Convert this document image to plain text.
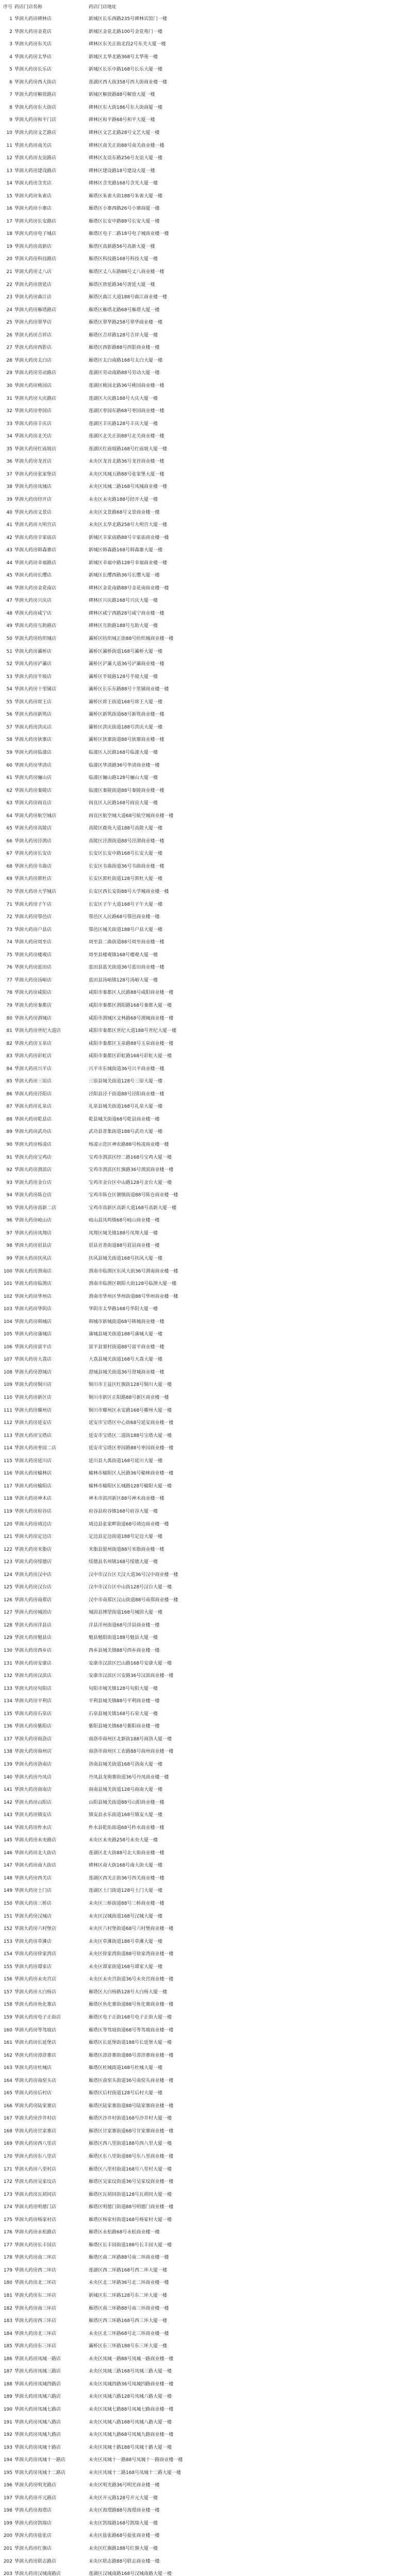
序号 药店门店名称	药店门店地址
1 华润大药房碑林店	新城区长乐西路235号碑林宾馆门一楼
2 华润大药房金花店	新城区金花北路100号金花苑门一楼
3 华润大药房东关店	碑林区东关正街北段2号东关大厦一楼
4 华润大药房太华店	新城区太华北路368号太华苑一楼
5 华润大药房长乐店	新城区长乐中路168号长乐大厦一楼
6 华润大药房西大街店	莲湖区西大街358号西大街商业楼一楼
7 华润大药房解放路店	新城区解放路88号解放大厦一楼
8 华润大药房东大街店	碑林区东大街186号东大街商厦一楼
9 华润大药房和平门店	碑林区和平路68号和平大厦一楼
10 华润大药房文艺路店	碑林区文艺北路28号文艺大厦一楼
11 华润大药房南关店	碑林区南关正街88号南关商业楼一楼
12 华润大药房友谊路店	碑林区友谊东路256号友谊大厦一楼
13 华润大药房建设路店	碑林区建设路18号建设大厦一楼
14 华润大药房含光店	碑林区含光路168号含光大厦一楼
15 华润大药房朱雀店	雁塔区朱雀大街188号朱雀大厦一楼
16 华润大药房小寨店	雁塔区小寨西路26号小寨商厦一楼
17 华润大药房长安路店	雁塔区长安中路88号长安大厦一楼
18 华润大药房电子城店	雁塔区电子二路18号电子城商业楼一楼
19 华润大药房高新店	雁塔区高新路56号高新大厦一楼
20 华润大药房科技路店	雁塔区科技路168号科技大厦一楼
21 华润大药房丈八店	雁塔区丈八东路88号丈八商业楼一楼
22 华润大药房唐延店	雁塔区唐延路36号唐延大厦一楼
23 华润大药房曲江店	雁塔区曲江大道188号曲江商业楼一楼
24 华润大药房雁塔路店	雁塔区雁塔北路68号雁塔大厦一楼
25 华润大药房翠华店	雁塔区翠华路258号翠华商业楼一楼
26 华润大药房吉祥店	雁塔区吉祥路128号吉祥大厦一楼
27 华润大药房西影店	雁塔区西影路88号西影商业楼一楼
28 华润大药房太白店	雁塔区太白南路168号太白大厦一楼
29 华润大药房劳动路店	莲湖区劳动南路88号劳动大厦一楼
30 华润大药房桃园店	莲湖区桃园北路36号桃园商业楼一楼
31 华润大药房大庆路店	莲湖区大庆路188号大庆大厦一楼
32 华润大药房枣园店	莲湖区枣园东路68号枣园商业楼一楼
33 华润大药房丰庆店	莲湖区丰庆路128号丰庆大厦一楼
34 华润大药房北关店	莲湖区北关正街88号北关商业楼一楼
35 华润大药房红庙坡店	莲湖区红庙坡路168号红庙坡大厦一楼
36 华润大药房龙首店	未央区龙首北路36号龙首商业楼一楼
37 华润大药房张家堡店	未央区凤城五路88号张家堡大厦一楼
38 华润大药房凤城店	未央区凤城二路168号凤城商业楼一楼
39 华润大药房经开店	未央区未央路188号经开大厦一楼
40 华润大药房文景店	未央区文景路68号文景商业楼一楼
41 华润大药房大明宫店	未央区太华北路258号大明宫大厦一楼
42 华润大药房辛家庙店	新城区辛家庙路88号辛家庙商业楼一楼
43 华润大药房韩森寨店	新城区韩森路168号韩森寨大厦一楼
44 华润大药房幸福路店	新城区幸福中路128号幸福商业楼一楼
45 华润大药房长缨店	新城区长缨西路36号长缨大厦一楼
46 华润大药房金花南店	碑林区金花南路88号金花南商业楼一楼
47 华润大药房兴庆店	碑林区兴庆路168号兴庆大厦一楼
48 华润大药房咸宁店	碑林区咸宁西路28号咸宁商业楼一楼
49 华润大药房互助路店	碑林区互助路188号互助大厦一楼
50 华润大药房纺织城店	灞桥区纺织城正街88号纺织城商业楼一楼
51 华润大药房灞桥店	灞桥区灞桥街道168号灞桥大厦一楼
52 华润大药房浐灞店	灞桥区浐灞大道36号浐灞商业楼一楼
53 华润大药房半坡店	灞桥区半坡路128号半坡大厦一楼
54 华润大药房十里铺店	灞桥区长乐东路88号十里铺商业楼一楼
55 华润大药房席王店	灞桥区席王街道168号席王大厦一楼
56 华润大药房新筑店	灞桥区新筑街道68号新筑商业楼一楼
57 华润大药房洪庆店	灞桥区洪庆街道188号洪庆大厦一楼
58 华润大药房狄寨店	灞桥区狄寨街道88号狄寨商业楼一楼
59 华润大药房临潼店	临潼区人民路168号临潼大厦一楼
60 华润大药房华清店	临潼区华清路36号华清商业楼一楼
61 华润大药房骊山店	临潼区骊山路128号骊山大厦一楼
62 华润大药房秦陵店	临潼区秦陵街道88号秦陵商业楼一楼
63 华润大药房阎良店	阎良区人民路168号阎良大厦一楼
64 华润大药房航空城店	阎良区航空城大道68号航空城商业楼一楼
65 华润大药房高陵店	高陵区鹿苑大道188号高陵大厦一楼
66 华润大药房泾渭店	高陵区泾渭街道88号泾渭商业楼一楼
67 华润大药房长安店	长安区长安中路168号长安大厦一楼
68 华润大药房韦曲店	长安区韦曲街道36号韦曲商业楼一楼
69 华润大药房郭杜店	长安区郭杜街道128号郭杜大厦一楼
70 华润大药房大学城店	长安区西长安街88号大学城商业楼一楼
71 华润大药房子午店	长安区子午大道168号子午大厦一楼
72 华润大药房鄠邑店	鄠邑区人民路68号鄠邑商业楼一楼
73 华润大药房户县店	鄠邑区城关街道188号户县大厦一楼
74 华润大药房周至店	周至县二曲街道88号周至商业楼一楼
75 华润大药房楼观店	周至县楼观镇168号楼观大厦一楼
76 华润大药房蓝田店	蓝田县蓝关街道36号蓝田商业楼一楼
77 华润大药房汤峪店	蓝田县汤峪镇128号汤峪大厦一楼
78 华润大药房咸阳店	咸阳市秦都区人民路88号咸阳商业楼一楼
79 华润大药房秦都店	咸阳市秦都区渭阳路168号秦都大厦一楼
80 华润大药房渭城店	咸阳市渭城区文林路68号渭城商业楼一楼
81 华润大药房世纪大道店	咸阳市秦都区世纪大道188号世纪大厦一楼
82 华润大药房玉泉店	咸阳市秦都区玉泉路88号玉泉商业楼一楼
83 华润大药房彩虹店	咸阳市秦都区彩虹路168号彩虹大厦一楼
84 华润大药房兴平店	兴平市东城街道36号兴平商业楼一楼
85 华润大药房三原店	三原县城关街道128号三原大厦一楼
86 华润大药房泾阳店	泾阳县泾干街道88号泾阳商业楼一楼
87 华润大药房礼泉店	礼泉县城关街道168号礼泉大厦一楼
88 华润大药房乾县店	乾县城关街道68号乾县商业楼一楼
89 华润大药房武功店	武功县普集街道188号武功大厦一楼
90 华润大药房杨凌店	杨凌示范区神农路88号杨凌商业楼一楼
91 华润大药房宝鸡店	宝鸡市渭滨区经二路168号宝鸡大厦一楼
92 华润大药房渭滨店	宝鸡市渭滨区红旗路36号渭滨商业楼一楼
93 华润大药房金台店	宝鸡市金台区中山路128号金台大厦一楼
94 华润大药房陈仓店	宝鸡市陈仓区虢镇街道88号陈仓商业楼一楼
95 华润大药房高新二店	宝鸡市高新区高新大道168号高新大厦一楼
96 华润大药房岐山店	岐山县凤鸣镇68号岐山商业楼一楼
97 华润大药房凤翔店	凤翔区城关镇188号凤翔大厦一楼
98 华润大药房眉县店	眉县首善街道88号眉县商业楼一楼
99 华润大药房扶风店	扶风县城关街道168号扶风大厦一楼
100 华润大药房渭南店	渭南市临渭区东风大街36号渭南商业楼一楼
101 华润大药房临渭店	渭南市临渭区朝阳大街128号临渭大厦一楼
102 华润大药房华州店	渭南市华州区华州街道88号华州商业楼一楼
103 华润大药房华阴店	华阴市太华路168号华阴大厦一楼
104 华润大药房韩城店	韩城市新城街道68号韩城商业楼一楼
105 华润大药房蒲城店	蒲城县城关街道188号蒲城大厦一楼
106 华润大药房富平店	富平县窦村街道88号富平商业楼一楼
107 华润大药房大荔店	大荔县城关街道168号大荔大厦一楼
108 华润大药房澄城店	澄城县城关街道36号澄城商业楼一楼
109 华润大药房铜川店	铜川市王益区红旗街128号铜川大厦一楼
110 华润大药房新区店	铜川市新区正阳路88号新区商业楼一楼
111 华润大药房耀州店	铜川市耀州区永安路168号耀州大厦一楼
112 华润大药房延安店	延安市宝塔区中心街68号延安商业楼一楼
113 华润大药房宝塔店	延安市宝塔区二道街188号宝塔大厦一楼
114 华润大药房枣园二店	延安市宝塔区枣园路88号枣园商业楼一楼
115 华润大药房延川店	延川县大禹街道168号延川大厦一楼
116 华润大药房榆林店	榆林市榆阳区人民路36号榆林商业楼一楼
117 华润大药房榆阳店	榆林市榆阳区长城路128号榆阳大厦一楼
118 华润大药房神木店	神木市滨河新区88号神木商业楼一楼
119 华润大药房府谷店	府谷县府谷镇168号府谷大厦一楼
120 华润大药房靖边店	靖边县张家畔街道68号靖边商业楼一楼
121 华润大药房定边店	定边县定边街道188号定边大厦一楼
122 华润大药房米脂店	米脂县银州街道88号米脂商业楼一楼
123 华润大药房绥德店	绥德县名州镇168号绥德大厦一楼
124 华润大药房汉中店	汉中市汉台区天汉大道36号汉中商业楼一楼
125 华润大药房汉台店	汉中市汉台区中山街128号汉台大厦一楼
126 华润大药房南郑店	汉中市南郑区汉山街道88号南郑商业楼一楼
127 华润大药房城固店	城固县博望街道168号城固大厦一楼
128 华润大药房洋县店	洋县洋州街道68号洋县商业楼一楼
129 华润大药房勉县店	勉县勉阳街道188号勉县大厦一楼
130 华润大药房西乡店	西乡县城关镇88号西乡商业楼一楼
131 华润大药房安康店	安康市汉滨区巴山路168号安康大厦一楼
132 华润大药房汉滨店	安康市汉滨区兴安路36号汉滨商业楼一楼
133 华润大药房旬阳店	旬阳市城关镇128号旬阳大厦一楼
134 华润大药房平利店	平利县城关镇88号平利商业楼一楼
135 华润大药房石泉店	石泉县城关镇168号石泉大厦一楼
136 华润大药房紫阳店	紫阳县城关镇68号紫阳商业楼一楼
137 华润大药房商洛店	商洛市商州区北新街188号商洛大厦一楼
138 华润大药房商州店	商洛市商州区工农路88号商州商业楼一楼
139 华润大药房洛南店	洛南县城关街道168号洛南大厦一楼
140 华润大药房丹凤店	丹凤县龙驹寨街道36号丹凤商业楼一楼
141 华润大药房商南店	商南县城关街道128号商南大厦一楼
142 华润大药房山阳店	山阳县城关街道88号山阳商业楼一楼
143 华润大药房镇安店	镇安县永乐街道168号镇安大厦一楼
144 华润大药房柞水店	柞水县乾佑街道68号柞水商业楼一楼
145 华润大药房未央路店	未央区未央路258号未央大厦一楼
146 华润大药房北大街店	莲湖区北大街88号北大街商业楼一楼
147 华润大药房南大街店	碑林区南大街168号南大街大厦一楼
148 华润大药房西关店	莲湖区西关正街36号西关商业楼一楼
149 华润大药房土门店	莲湖区土门街道128号土门大厦一楼
150 华润大药房三桥店	未央区三桥街道88号三桥商业楼一楼
151 华润大药房汉城店	未央区汉城街道168号汉城大厦一楼
152 华润大药房六村堡店	未央区六村堡街道68号六村堡商业楼一楼
153 华润大药房草滩店	未央区草滩街道188号草滩大厦一楼
154 华润大药房徐家湾店	未央区徐家湾街道88号徐家湾商业楼一楼
155 华润大药房谭家店	未央区谭家街道168号谭家大厦一楼
156 华润大药房未央宫店	未央区未央宫街道36号未央宫商业楼一楼
157 华润大药房大白杨店	雁塔区大白杨路128号大白杨大厦一楼
158 华润大药房鱼化寨店	雁塔区鱼化寨街道88号鱼化寨商业楼一楼
159 华润大药房电子正街店	雁塔区电子正街168号电子正街大厦一楼
160 华润大药房等驾坡店	雁塔区等驾坡街道68号等驾坡商业楼一楼
161 华润大药房长延堡店	雁塔区长延堡街道188号长延堡大厦一楼
162 华润大药房漳浒寨店	雁塔区漳浒寨街道88号漳浒寨商业楼一楼
163 华润大药房杜城店	雁塔区杜城街道168号杜城大厦一楼
164 华润大药房南窑头店	雁塔区南窑头街道36号南窑头商业楼一楼
165 华润大药房后村店	雁塔区后村街道128号后村大厦一楼
166 华润大药房陆家寨店	雁塔区陆家寨街道88号陆家寨商业楼一楼
167 华润大药房沙井村店	雁塔区沙井村街道168号沙井村大厦一楼
168 华润大药房甘家寨店	雁塔区甘家寨街道68号甘家寨商业楼一楼
169 华润大药房西八里店	雁塔区西八里街道188号西八里大厦一楼
170 华润大药房东八里店	雁塔区东八里街道88号东八里商业楼一楼
171 华润大药房八里村店	雁塔区八里村街道168号八里村大厦一楼
172 华润大药房吴家坟店	雁塔区吴家坟街道36号吴家坟商业楼一楼
173 华润大药房瓦胡同店	雁塔区瓦胡同街道128号瓦胡同大厦一楼
174 华润大药房明德门店	雁塔区明德门街道88号明德门商业楼一楼
175 华润大药房杨家村店	雁塔区杨家村街道168号杨家村大厦一楼
176 华润大药房永松路店	雁塔区永松路68号永松商业楼一楼
177 华润大药房长丰园店	雁塔区长丰园街道188号长丰园大厦一楼
178 华润大药房南二环店	雁塔区南二环路88号南二环商业楼一楼
179 华润大药房西二环店	莲湖区西二环路168号西二环大厦一楼
180 华润大药房北二环店	未央区北二环路36号北二环商业楼一楼
181 华润大药房东二环店	新城区东二环路128号东二环大厦一楼
182 华润大药房南三环店	雁塔区南三环路88号南三环商业楼一楼
183 华润大药房西三环店	雁塔区西三环路168号西三环大厦一楼
184 华润大药房北三环店	未央区北三环路68号北三环商业楼一楼
185 华润大药房东三环店	灞桥区东三环路188号东三环大厦一楼
186 华润大药房凤城一路店	未央区凤城一路88号凤城一路商业楼一楼
187 华润大药房凤城三路店	未央区凤城三路168号凤城三路大厦一楼
188 华润大药房凤城四路店	未央区凤城四路36号凤城四路商业楼一楼
189 华润大药房凤城六路店	未央区凤城六路128号凤城六路大厦一楼
190 华润大药房凤城七路店	未央区凤城七路88号凤城七路商业楼一楼
191 华润大药房凤城八路店	未央区凤城八路168号凤城八路大厦一楼
192 华润大药房凤城九路店	未央区凤城九路68号凤城九路商业楼一楼
193 华润大药房凤城十路店	未央区凤城十路188号凤城十路大厦一楼
194 华润大药房凤城十一路店	未央区凤城十一路88号凤城十一路商业楼一楼
195 华润大药房凤城十二路店	未央区凤城十二路168号凤城十二路大厦一楼
196 华润大药房明光路店	未央区明光路36号明光商业楼一楼
197 华润大药房开元路店	未央区开元路128号开元大厦一楼
198 华润大药房海璟店	未央区海璟路88号海璟商业楼一楼
199 华润大药房凯瑞店	未央区凯瑞路168号凯瑞大厦一楼
200 华润大药房盐张店	未央区盐张路68号盐张商业楼一楼
201 华润大药房红旗店	未央区红旗路188号红旗大厦一楼
202 华润大药房联志路店	未央区联志路88号联志商业楼一楼
203 华润大药房汉城南路店	莲湖区汉城南路168号汉城南路大厦一楼
